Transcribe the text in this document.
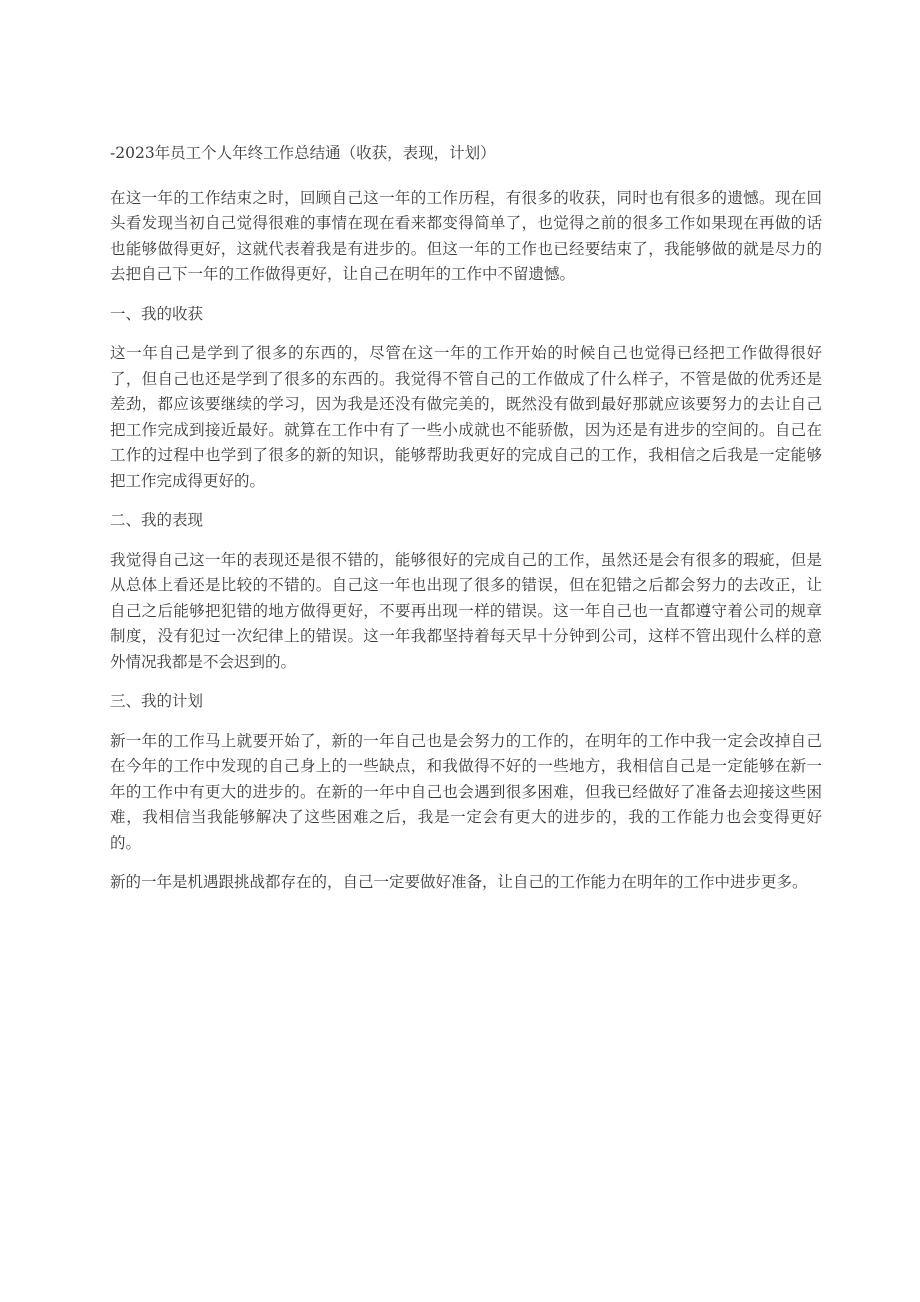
-2023年员工个人年终工作总结通（收获，表现，计划）

在这一年的工作结束之时，回顾自己这一年的工作历程，有很多的收获，同时也有很多的遗憾。现在回头看发现当初自己觉得很难的事情在现在看来都变得简单了，也觉得之前的很多工作如果现在再做的话也能够做得更好，这就代表着我是有进步的。但这一年的工作也已经要结束了，我能够做的就是尽力的去把自己下一年的工作做得更好，让自己在明年的工作中不留遗憾。

一、我的收获

这一年自己是学到了很多的东西的，尽管在这一年的工作开始的时候自己也觉得已经把工作做得很好了，但自己也还是学到了很多的东西的。我觉得不管自己的工作做成了什么样子，不管是做的优秀还是差劲，都应该要继续的学习，因为我是还没有做完美的，既然没有做到最好那就应该要努力的去让自己把工作完成到接近最好。就算在工作中有了一些小成就也不能骄傲，因为还是有进步的空间的。自己在工作的过程中也学到了很多的新的知识，能够帮助我更好的完成自己的工作，我相信之后我是一定能够把工作完成得更好的。

二、我的表现

我觉得自己这一年的表现还是很不错的，能够很好的完成自己的工作，虽然还是会有很多的瑕疵，但是从总体上看还是比较的不错的。自己这一年也出现了很多的错误，但在犯错之后都会努力的去改正，让自己之后能够把犯错的地方做得更好，不要再出现一样的错误。这一年自己也一直都遵守着公司的规章制度，没有犯过一次纪律上的错误。这一年我都坚持着每天早十分钟到公司，这样不管出现什么样的意外情况我都是不会迟到的。

三、我的计划

新一年的工作马上就要开始了，新的一年自己也是会努力的工作的，在明年的工作中我一定会改掉自己在今年的工作中发现的自己身上的一些缺点，和我做得不好的一些地方，我相信自己是一定能够在新一年的工作中有更大的进步的。在新的一年中自己也会遇到很多困难，但我已经做好了准备去迎接这些困难，我相信当我能够解决了这些困难之后，我是一定会有更大的进步的，我的工作能力也会变得更好的。

新的一年是机遇跟挑战都存在的，自己一定要做好准备，让自己的工作能力在明年的工作中进步更多。
